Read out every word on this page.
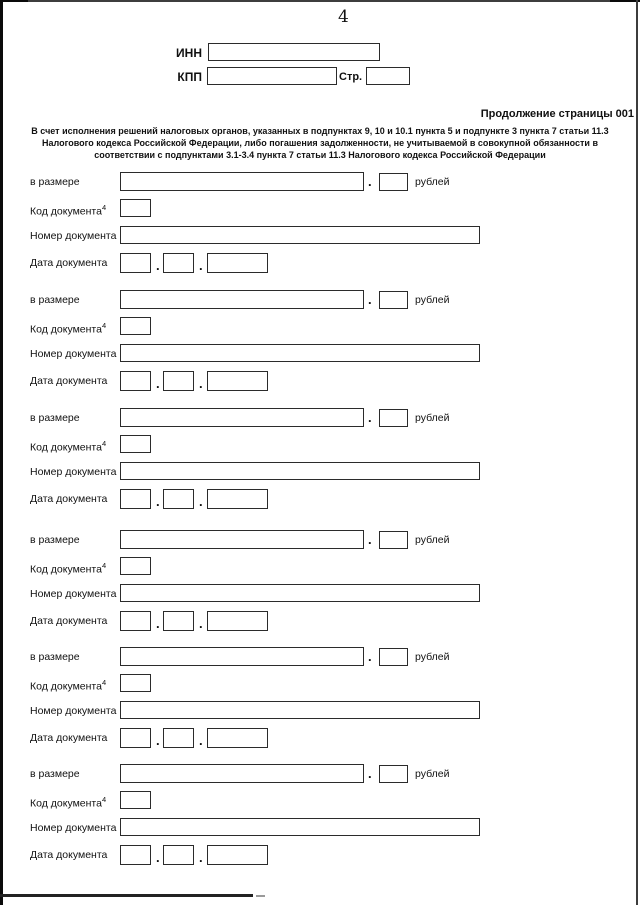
4
ИНН
КПП	Стр.
Продолжение страницы 001
В счет исполнения решений налоговых органов, указанных в подпунктах 9, 10 и 10.1 пункта 5 и подпункте 3 пункта 7 статьи 11.3 Налогового кодекса Российской Федерации, либо погашения задолженности, не учитываемой в совокупной обязанности в соответствии с подпунктами 3.1-3.4 пункта 7 статьи 11.3 Налогового кодекса Российской Федерации
в размере	.	рублей
Код документа$^4$
Номер документа
Дата документа	.	.
в размере	.	рублей
Код документа$^4$
Номер документа
Дата документа	.	.
в размере	.	рублей
Код документа$^4$
Номер документа
Дата документа	.	.
в размере	.	рублей
Код документа$^4$
Номер документа
Дата документа	.	.
в размере	.	рублей
Код документа$^4$
Номер документа
Дата документа	.	.
в размере	.	рублей
Код документа$^4$
Номер документа
Дата документа	.	.
